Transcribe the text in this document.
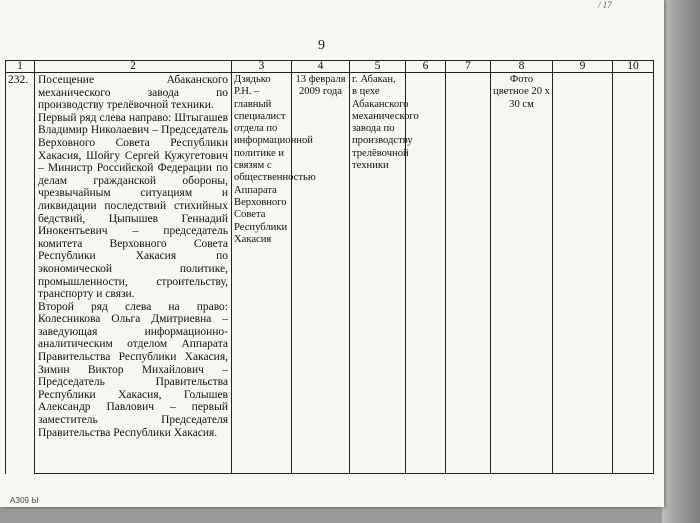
/ 17
9
1	2	3	4	5	6	7	8	9	10

232.	Посещение Абаканского механического завода по производству трелёвочной техники.

Первый ряд слева направо: Штыгашев Владимир Николаевич – Председатель Верховного Совета Республики Хакасия, Шойгу Сергей Кужугетович – Министр Российской Федерации по делам гражданской обороны, чрезвычайным ситуациям и ликвидации последствий стихийных бедствий, Цыпышев Геннадий Инокентьевич – председатель комитета Верховного Совета Республики Хакасия по экономической политике, промышленности, строительству, транспорту и связи.

Второй ряд слева на право: Колесникова Ольга Дмитриевна – заведующая информационно-аналитическим отделом Аппарата Правительства Республики Хакасия, Зимин Виктор Михайлович – Председатель Правительства Республики Хакасия, Голышев Александр Павлович – первый заместитель Председателя Правительства Республики Хакасия.	Дзядько Р.Н. – главный специалист отдела по информационной политике и связям с общественностью Аппарата Верховного Совета Республики Хакасия	13 февраля 2009 года	г. Абакан, в цехе Абаканского механического завода по производству трелёвочной техники			Фото цветное 20 х 30 см		

АЗ09 Ы
